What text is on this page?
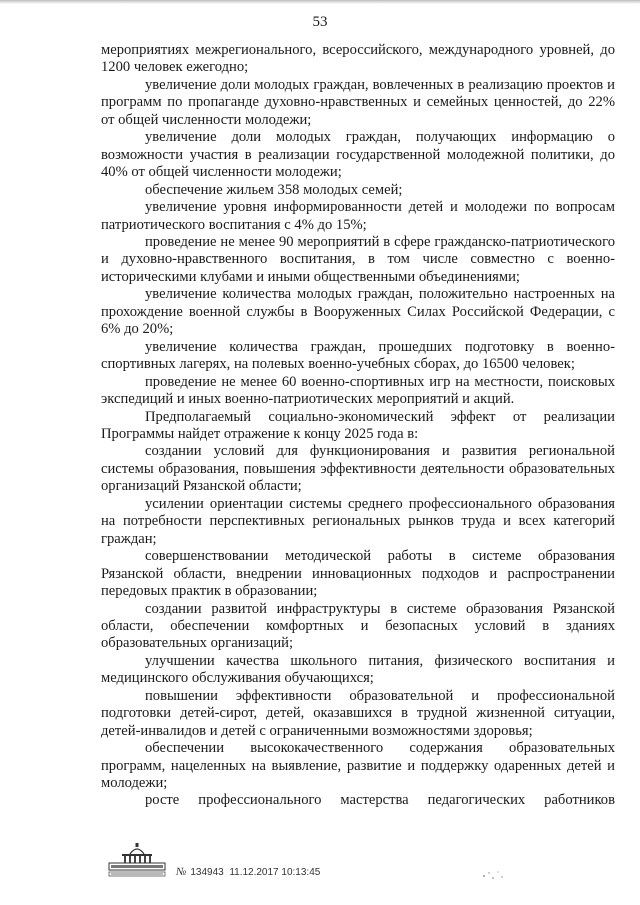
53

мероприятиях межрегионального, всероссийского, международного уровней, до 1200 человек ежегодно;

увеличение доли молодых граждан, вовлеченных в реализацию проектов и программ по пропаганде духовно-нравственных и семейных ценностей, до 22% от общей численности молодежи;

увеличение доли молодых граждан, получающих информацию о возможности участия в реализации государственной молодежной политики, до 40% от общей численности молодежи;

обеспечение жильем 358 молодых семей;

увеличение уровня информированности детей и молодежи по вопросам патриотического воспитания с 4% до 15%;

проведение не менее 90 мероприятий в сфере гражданско-патриотического и духовно-нравственного воспитания, в том числе совместно с военно-историческими клубами и иными общественными объединениями;

увеличение количества молодых граждан, положительно настроенных на прохождение военной службы в Вооруженных Силах Российской Федерации, с 6% до 20%;

увеличение количества граждан, прошедших подготовку в военно-спортивных лагерях, на полевых военно-учебных сборах, до 16500 человек;

проведение не менее 60 военно-спортивных игр на местности, поисковых экспедиций и иных военно-патриотических мероприятий и акций.

Предполагаемый социально-экономический эффект от реализации Программы найдет отражение к концу 2025 года в:

создании условий для функционирования и развития региональной системы образования, повышения эффективности деятельности образовательных организаций Рязанской области;

усилении ориентации системы среднего профессионального образования на потребности перспективных региональных рынков труда и всех категорий граждан;

совершенствовании методической работы в системе образования Рязанской области, внедрении инновационных подходов и распространении передовых практик в образовании;

создании развитой инфраструктуры в системе образования Рязанской области, обеспечении комфортных и безопасных условий в зданиях образовательных организаций;

улучшении качества школьного питания, физического воспитания и медицинского обслуживания обучающихся;

повышении эффективности образовательной и профессиональной подготовки детей-сирот, детей, оказавшихся в трудной жизненной ситуации, детей-инвалидов и детей с ограниченными возможностями здоровья;

обеспечении высококачественного содержания образовательных программ, нацеленных на выявление, развитие и поддержку одаренных детей и молодежи;

росте профессионального мастерства педагогических работников

№ 134943 11.12.2017 10:13:45
